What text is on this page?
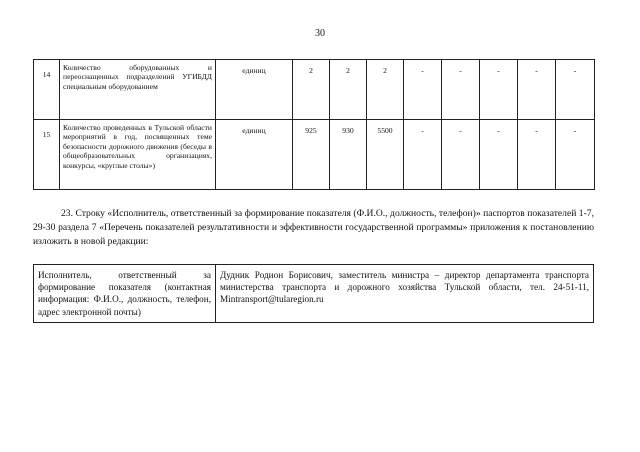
30
14	Количество оборудованных и переоснащенных подразделений УГИБДД специальным оборудованием	единиц	2	2	2	-	-	-	-	-
15	Количество проведенных в Тульской области мероприятий в год, посвященных теме безопасности дорожного движения (беседы в общеобразовательных организациях, конкурсы, «круглые столы»)	единиц	925	930	5500	-	-	-	-	-
23. Строку «Исполнитель, ответственный за формирование показателя (Ф.И.О., должность, телефон)» паспортов показателей 1-7, 29-30 раздела 7 «Перечень показателей результативности и эффективности государственной программы» приложения к постановлению изложить в новой редакции:
Исполнитель, ответственный за формирование показателя (контактная информация: Ф.И.О., должность, телефон, адрес электронной почты)	Дудник Родион Борисович, заместитель министра – директор департамента транспорта министерства транспорта и дорожного хозяйства Тульской области, тел. 24-51-11, Mintransport@tularegion.ru
